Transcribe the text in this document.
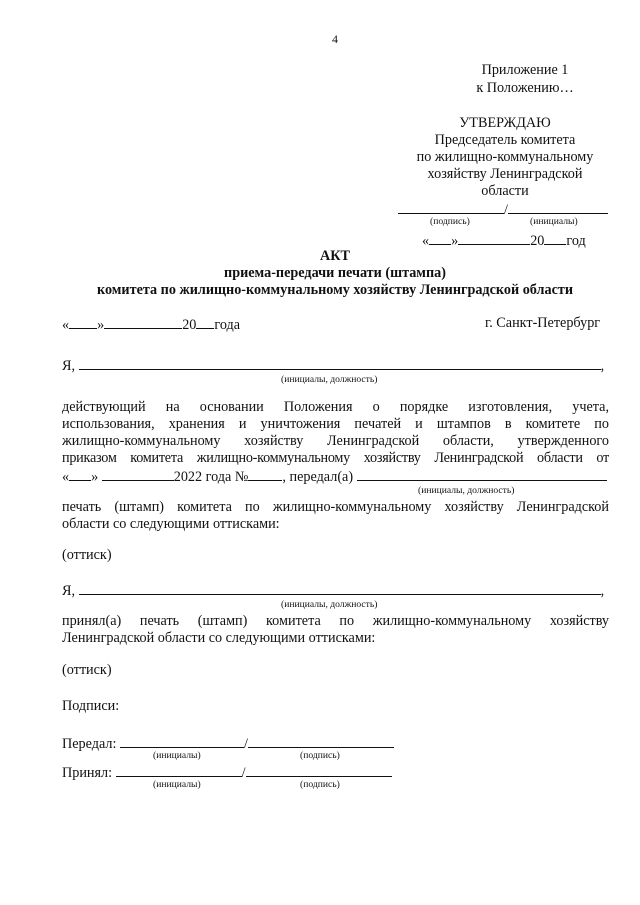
4
Приложение 1
к Положению…
УТВЕРЖДАЮ
Председатель комитета
по жилищно-коммунальному
хозяйству Ленинградской
области
/
(подпись)	(инициалы)
« »	20 год
АКТ
приема-передачи печати (штампа)
комитета по жилищно-коммунальному хозяйству Ленинградской области
« »	20 года	г. Санкт-Петербург
Я,	,
(инициалы, должность)
действующий на основании Положения о порядке изготовления, учета,
использования, хранения и уничтожения печатей и штампов в комитете по
жилищно-коммунальному хозяйству Ленинградской области, утвержденного
приказом комитета жилищно-коммунальному хозяйству Ленинградской области от
« »	2022 года № , передал(а)
(инициалы, должность)
печать (штамп) комитета по жилищно-коммунальному хозяйству Ленинградской
области со следующими оттисками:
(оттиск)
Я,	,
(инициалы, должность)
принял(а) печать (штамп) комитета по жилищно-коммунальному хозяйству
Ленинградской области со следующими оттисками:
(оттиск)
Подписи:
Передал:	/
(инициалы)	(подпись)
Принял:	/
(инициалы)	(подпись)
